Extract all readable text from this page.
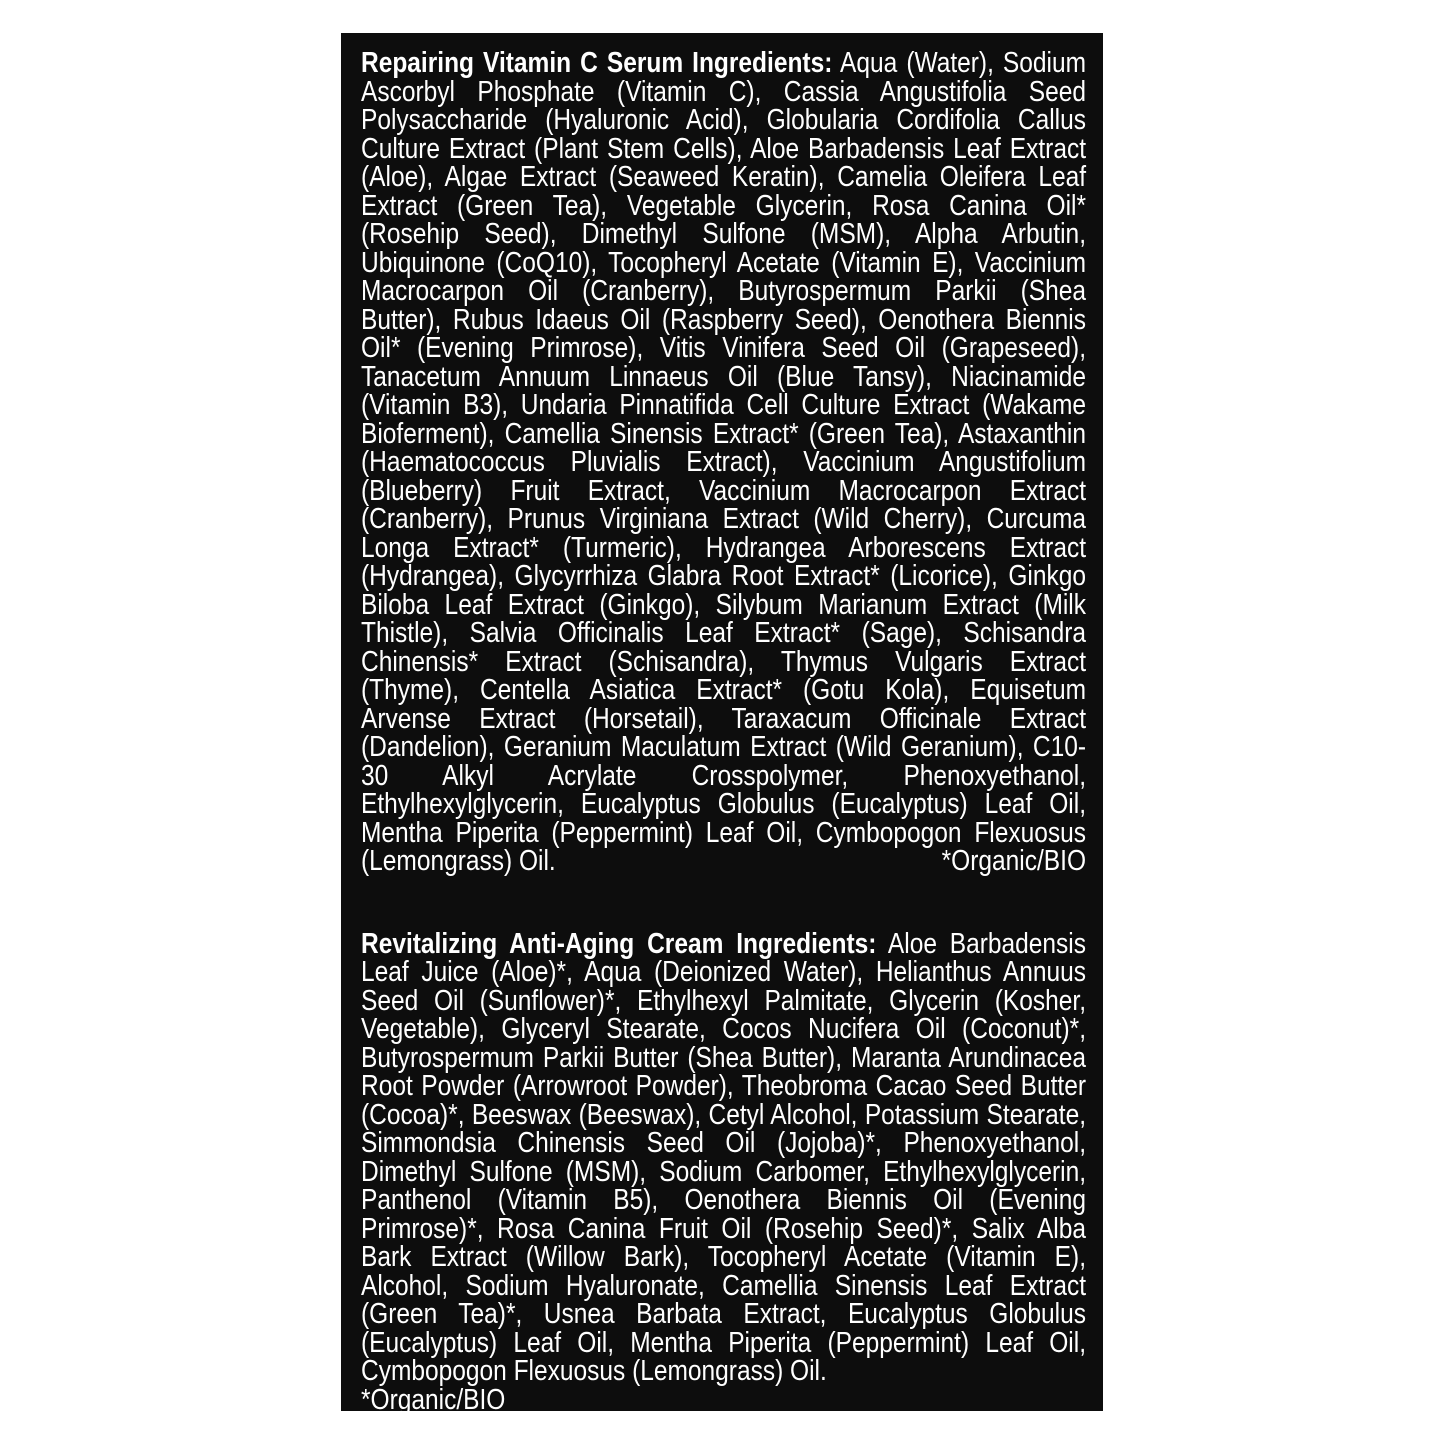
Repairing Vitamin C Serum Ingredients: Aqua (Water), Sodium Ascorbyl Phosphate (Vitamin C), Cassia Angustifolia Seed Polysaccharide (Hyaluronic Acid), Globularia Cordifolia Callus Culture Extract (Plant Stem Cells), Aloe Barbadensis Leaf Extract (Aloe), Algae Extract (Seaweed Keratin), Camelia Oleifera Leaf Extract (Green Tea), Vegetable Glycerin, Rosa Canina Oil* (Rosehip Seed), Dimethyl Sulfone (MSM), Alpha Arbutin, Ubiquinone (CoQ10), Tocopheryl Acetate (Vitamin E), Vaccinium Macrocarpon Oil (Cranberry), Butyrospermum Parkii (Shea Butter), Rubus Idaeus Oil (Raspberry Seed), Oenothera Biennis Oil* (Evening Primrose), Vitis Vinifera Seed Oil (Grapeseed), Tanacetum Annuum Linnaeus Oil (Blue Tansy), Niacinamide (Vitamin B3), Undaria Pinnatifida Cell Culture Extract (Wakame Bioferment), Camellia Sinensis Extract* (Green Tea), Astaxanthin (Haematococcus Pluvialis Extract), Vaccinium Angustifolium (Blueberry) Fruit Extract, Vaccinium Macrocarpon Extract (Cranberry), Prunus Virginiana Extract (Wild Cherry), Curcuma Longa Extract* (Turmeric), Hydrangea Arborescens Extract (Hydrangea), Glycyrrhiza Glabra Root Extract* (Licorice), Ginkgo Biloba Leaf Extract (Ginkgo), Silybum Marianum Extract (Milk Thistle), Salvia Officinalis Leaf Extract* (Sage), Schisandra Chinensis* Extract (Schisandra), Thymus Vulgaris Extract (Thyme), Centella Asiatica Extract* (Gotu Kola), Equisetum Arvense Extract (Horsetail), Taraxacum Officinale Extract (Dandelion), Geranium Maculatum Extract (Wild Geranium), C10-30 Alkyl Acrylate Crosspolymer, Phenoxyethanol, Ethylhexylglycerin, Eucalyptus Globulus (Eucalyptus) Leaf Oil, Mentha Piperita (Peppermint) Leaf Oil, Cymbopogon Flexuosus (Lemongrass) Oil.	*Organic/BIO

Revitalizing Anti-Aging Cream Ingredients: Aloe Barbadensis Leaf Juice (Aloe)*, Aqua (Deionized Water), Helianthus Annuus Seed Oil (Sunflower)*, Ethylhexyl Palmitate, Glycerin (Kosher, Vegetable), Glyceryl Stearate, Cocos Nucifera Oil (Coconut)*, Butyrospermum Parkii Butter (Shea Butter), Maranta Arundinacea Root Powder (Arrowroot Powder), Theobroma Cacao Seed Butter (Cocoa)*, Beeswax (Beeswax), Cetyl Alcohol, Potassium Stearate, Simmondsia Chinensis Seed Oil (Jojoba)*, Phenoxyethanol, Dimethyl Sulfone (MSM), Sodium Carbomer, Ethylhexylglycerin, Panthenol (Vitamin B5), Oenothera Biennis Oil (Evening Primrose)*, Rosa Canina Fruit Oil (Rosehip Seed)*, Salix Alba Bark Extract (Willow Bark), Tocopheryl Acetate (Vitamin E), Alcohol, Sodium Hyaluronate, Camellia Sinensis Leaf Extract (Green Tea)*, Usnea Barbata Extract, Eucalyptus Globulus (Eucalyptus) Leaf Oil, Mentha Piperita (Peppermint) Leaf Oil, Cymbopogon Flexuosus (Lemongrass) Oil.

*Organic/BIO
